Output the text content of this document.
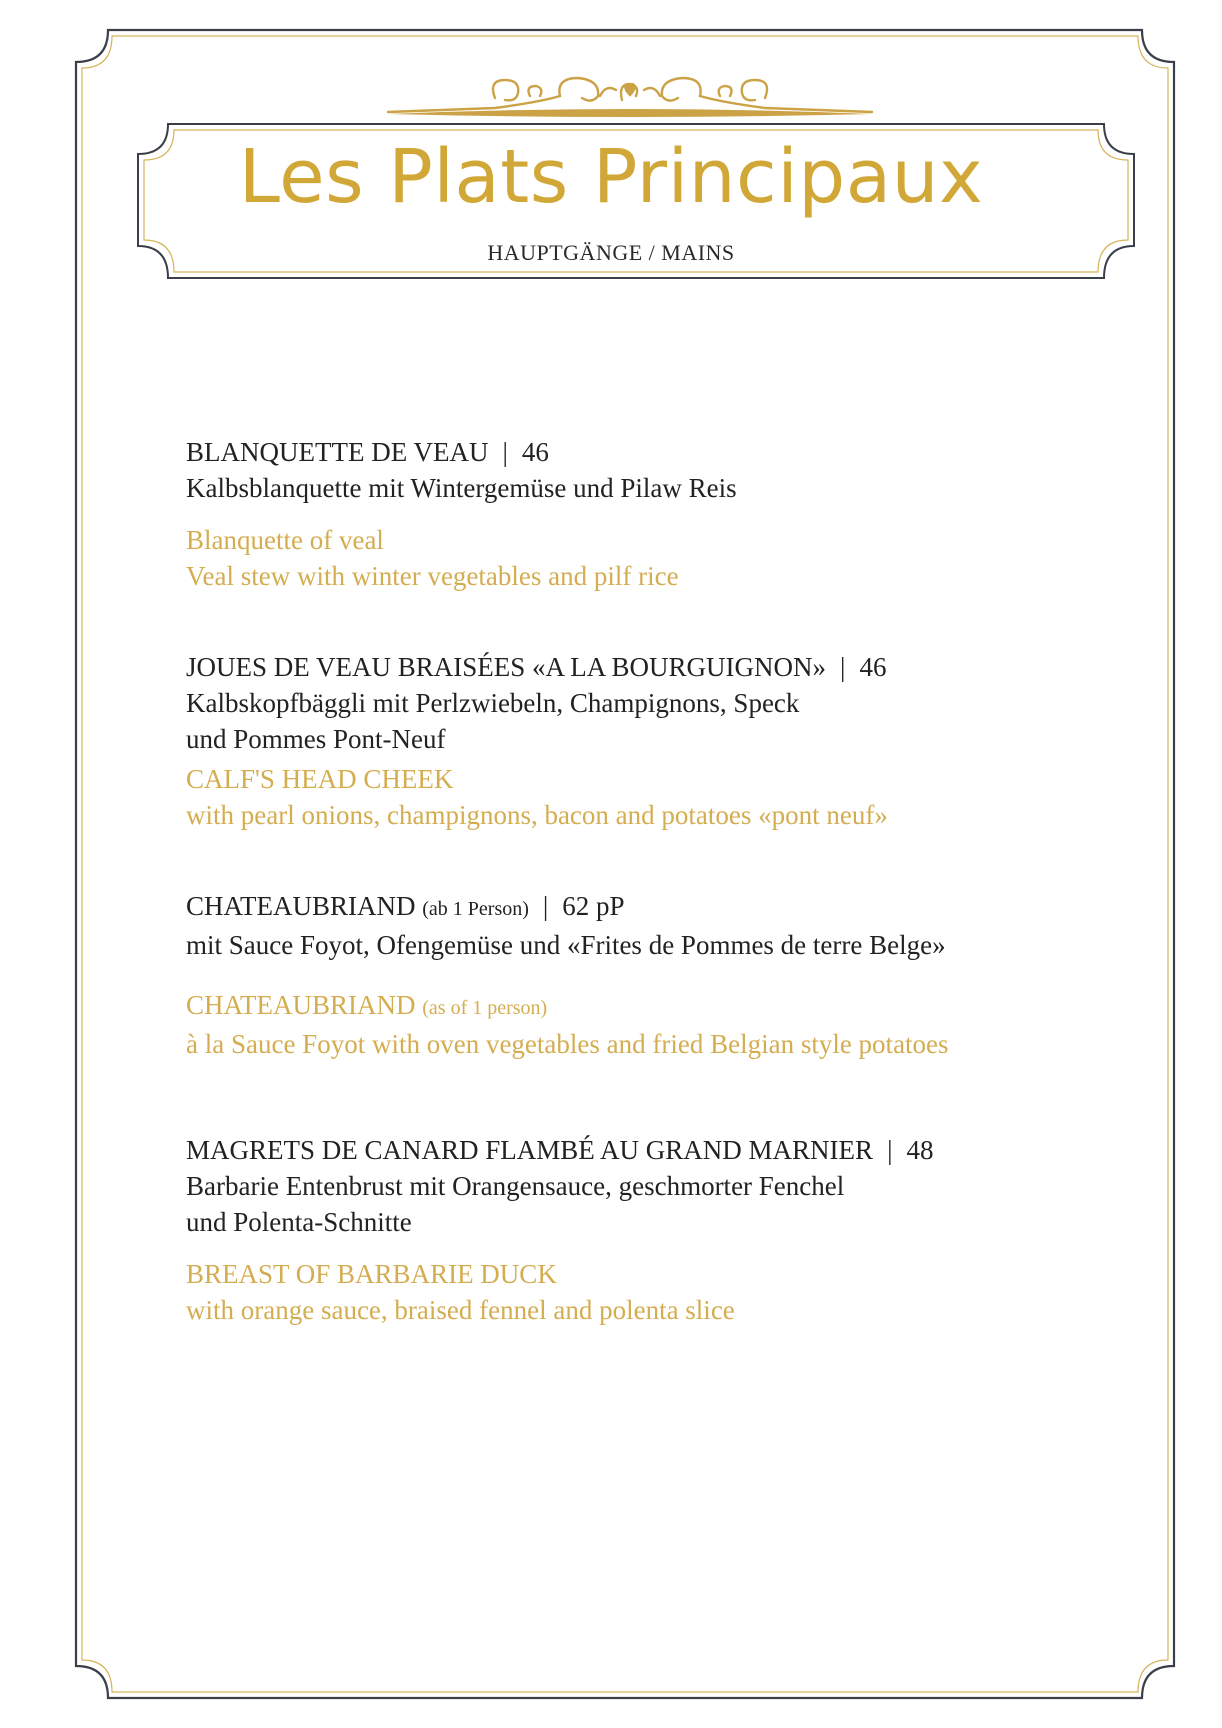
Les Plats Principaux
HAUPTGÄNGE / MAINS
BLANQUETTE DE VEAU | 46
Kalbsblanquette mit Wintergemüse und Pilaw Reis
Blanquette of veal
Veal stew with winter vegetables and pilf rice
JOUES DE VEAU BRAISÉES «A LA BOURGUIGNON» | 46
Kalbskopfbäggli mit Perlzwiebeln, Champignons, Speck
und Pommes Pont-Neuf
CALF'S HEAD CHEEK
with pearl onions, champignons, bacon and potatoes «pont neuf»
CHATEAUBRIAND (ab 1 Person) | 62 pP
mit Sauce Foyot, Ofengemüse und «Frites de Pommes de terre Belge»
CHATEAUBRIAND (as of 1 person)
à la Sauce Foyot with oven vegetables and fried Belgian style potatoes
MAGRETS DE CANARD FLAMBÉ AU GRAND MARNIER | 48
Barbarie Entenbrust mit Orangensauce, geschmorter Fenchel
und Polenta-Schnitte
BREAST OF BARBARIE DUCK
with orange sauce, braised fennel and polenta slice
